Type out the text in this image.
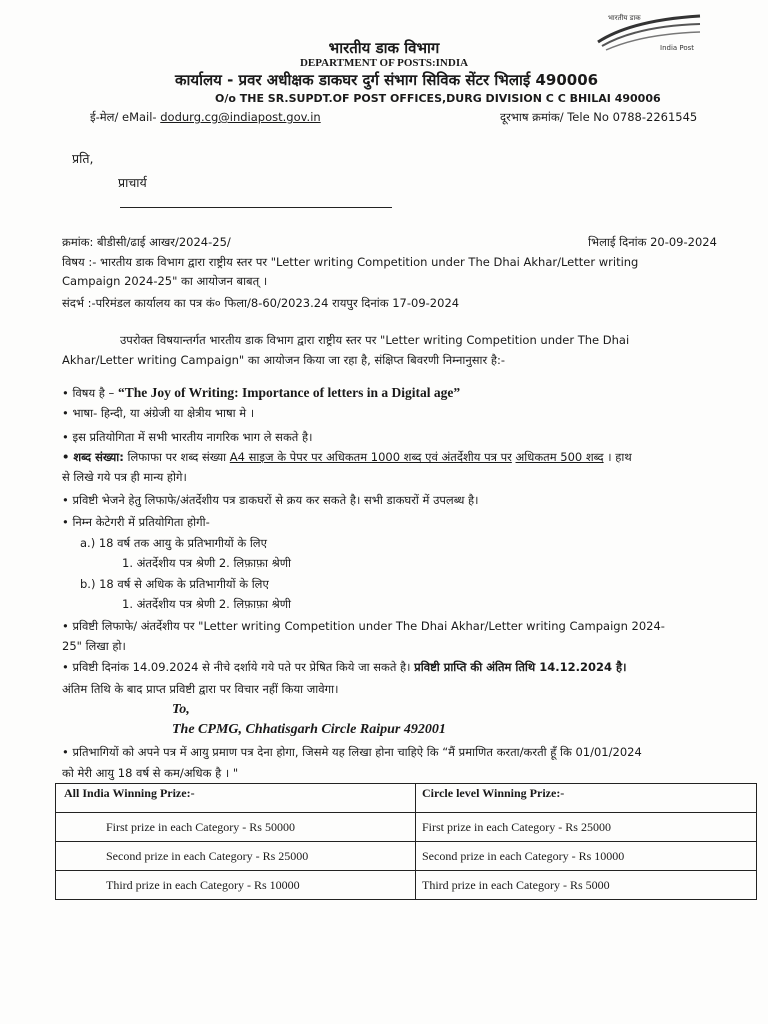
भारतीय डाक
India Post
भारतीय डाक विभाग
DEPARTMENT OF POSTS:INDIA
कार्यालय - प्रवर अधीक्षक डाकघर दुर्ग संभाग सिविक सेंटर भिलाई 490006
O/o THE SR.SUPDT.OF POST OFFICES,DURG DIVISION C C BHILAI 490006
ई-मेल/ eMail- dodurg.cg@indiapost.gov.in	दूरभाष क्रमांक/ Tele No 0788-2261545
प्रति,
प्राचार्य
क्रमांक: बीडीसी/ढाई आखर/2024-25/	भिलाई दिनांक 20-09-2024
विषय :- भारतीय डाक विभाग द्वारा राष्ट्रीय स्तर पर "Letter writing Competition under The Dhai Akhar/Letter writing
Campaign 2024-25" का आयोजन बाबत् ।
संदर्भ :-परिमंडल कार्यालय का पत्र कं० फिला/8-60/2023.24 रायपुर दिनांक 17-09-2024
उपरोक्त विषयान्तर्गत भारतीय डाक विभाग द्वारा राष्ट्रीय स्तर पर "Letter writing Competition under The Dhai
Akhar/Letter writing Campaign" का आयोजन किया जा रहा है, संक्षिप्त बिवरणी निम्नानुसार है:-
• विषय है – “The Joy of Writing: Importance of letters in a Digital age”
• भाषा- हिन्दी, या अंग्रेजी या क्षेत्रीय भाषा मे ।
• इस प्रतियोगिता में सभी भारतीय नागरिक भाग ले सकते है।
• शब्द संख्या: लिफाफा पर शब्द संख्या A4 साइज के पेपर पर अधिकतम 1000 शब्द एवं अंतर्देशीय पत्र पर अधिकतम 500 शब्द । हाथ
से लिखे गये पत्र ही मान्य होगे।
• प्रविष्टी भेजने हेतु लिफाफे/अंतर्देशीय पत्र डाकघरों से क्रय कर सकते है। सभी डाकघरों में उपलब्ध है।
• निम्न केटेगरी में प्रतियोगिता होगी-
a.) 18 वर्ष तक आयु के प्रतिभागीयों के लिए
1. अंतर्देशीय पत्र श्रेणी 2. लिफ़ाफ़ा श्रेणी
b.) 18 वर्ष से अधिक के प्रतिभागीयों के लिए
1. अंतर्देशीय पत्र श्रेणी 2. लिफ़ाफ़ा श्रेणी
• प्रविष्टी लिफाफे/ अंतर्देशीय पर "Letter writing Competition under The Dhai Akhar/Letter writing Campaign 2024-
25" लिखा हो।
• प्रविष्टी दिनांक 14.09.2024 से नीचे दर्शाये गये पते पर प्रेषित किये जा सकते है। प्रविष्टी प्राप्ति की अंतिम तिथि 14.12.2024 है।
अंतिम तिथि के बाद प्राप्त प्रविष्टी द्वारा पर विचार नहीं किया जावेगा।
To,
The CPMG, Chhatisgarh Circle Raipur 492001
• प्रतिभागियों को अपने पत्र में आयु प्रमाण पत्र देना होगा, जिसमे यह लिखा होना चाहिऐ कि “मैं प्रमाणित करता/करती हूँ कि 01/01/2024
को मेरी आयु 18 वर्ष से कम/अधिक है । "
All India Winning Prize:-	Circle level Winning Prize:-
First prize in each Category - Rs 50000	First prize in each Category - Rs 25000
Second prize in each Category - Rs 25000	Second prize in each Category - Rs 10000
Third prize in each Category - Rs 10000	Third prize in each Category - Rs 5000
